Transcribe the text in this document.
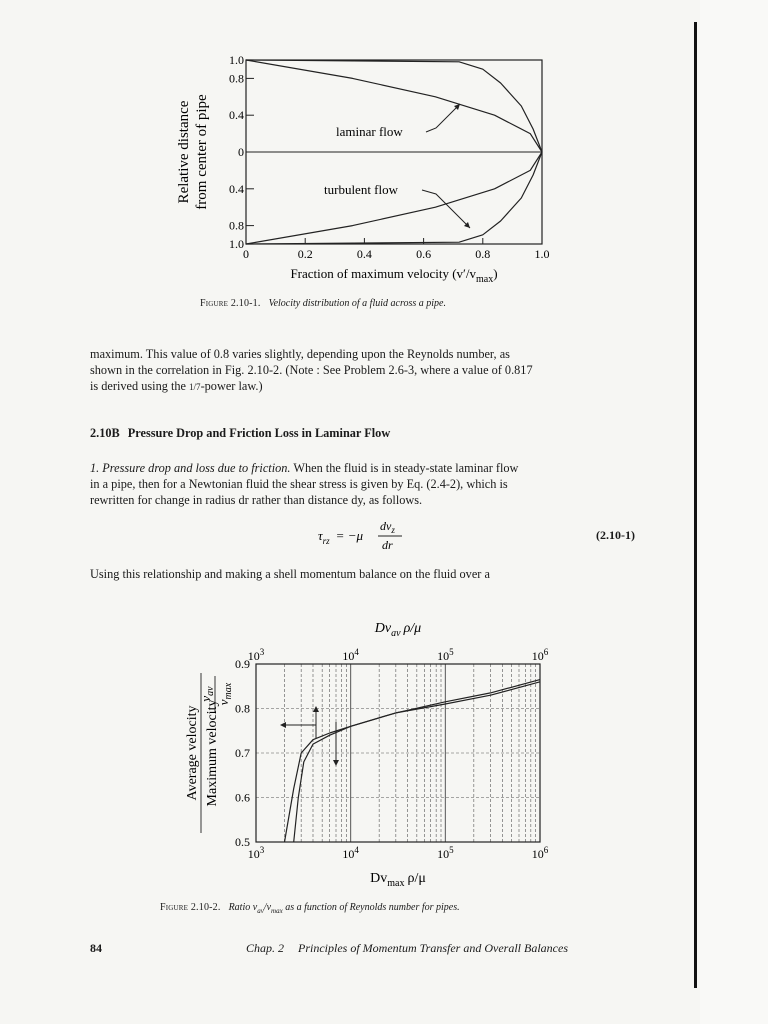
1.0
0.8
0.4
0
0.4
0.8
1.0
0	0.2	0.4	0.6	0.8	1.0
Relative distance from center of pipe
Fraction of maximum velocity $(v'/v_{max})$
laminar flow
turbulent flow
Figure 2.10-1. Velocity distribution of a fluid across a pipe.
maximum. This value of 0.8 varies slightly, depending upon the Reynolds number, as
shown in the correlation in Fig. 2.10-2. (Note : See Problem 2.6-3, where a value of 0.817
is derived using the 1/7-power law.)
2.10B Pressure Drop and Friction Loss in Laminar Flow
1. Pressure drop and loss due to friction. When the fluid is in steady-state laminar flow
in a pipe, then for a Newtonian fluid the shear stress is given by Eq. (2.4-2), which is
rewritten for change in radius dr rather than distance dy, as follows.
$\tau_{rz} = -\mu$
$dv_z$
dr
(2.10-1)
Using this relationship and making a shell momentum balance on the fluid over a
$Dv_{av}$ ρ/μ
0.9
0.8
0.7
0.6
0.5
$10^3$	$10^4$	$10^5$	$10^6$
$10^3$	$10^4$	$10^5$	$10^6$
Average velocity Maximum velocity
$v_{av}$
$v_{max}$
$Dv_{max}$ ρ/μ
Figure 2.10-2. Ratio $v_{av}/v_{max}$ as a function of Reynolds number for pipes.
84	Chap. 2 Principles of Momentum Transfer and Overall Balances
